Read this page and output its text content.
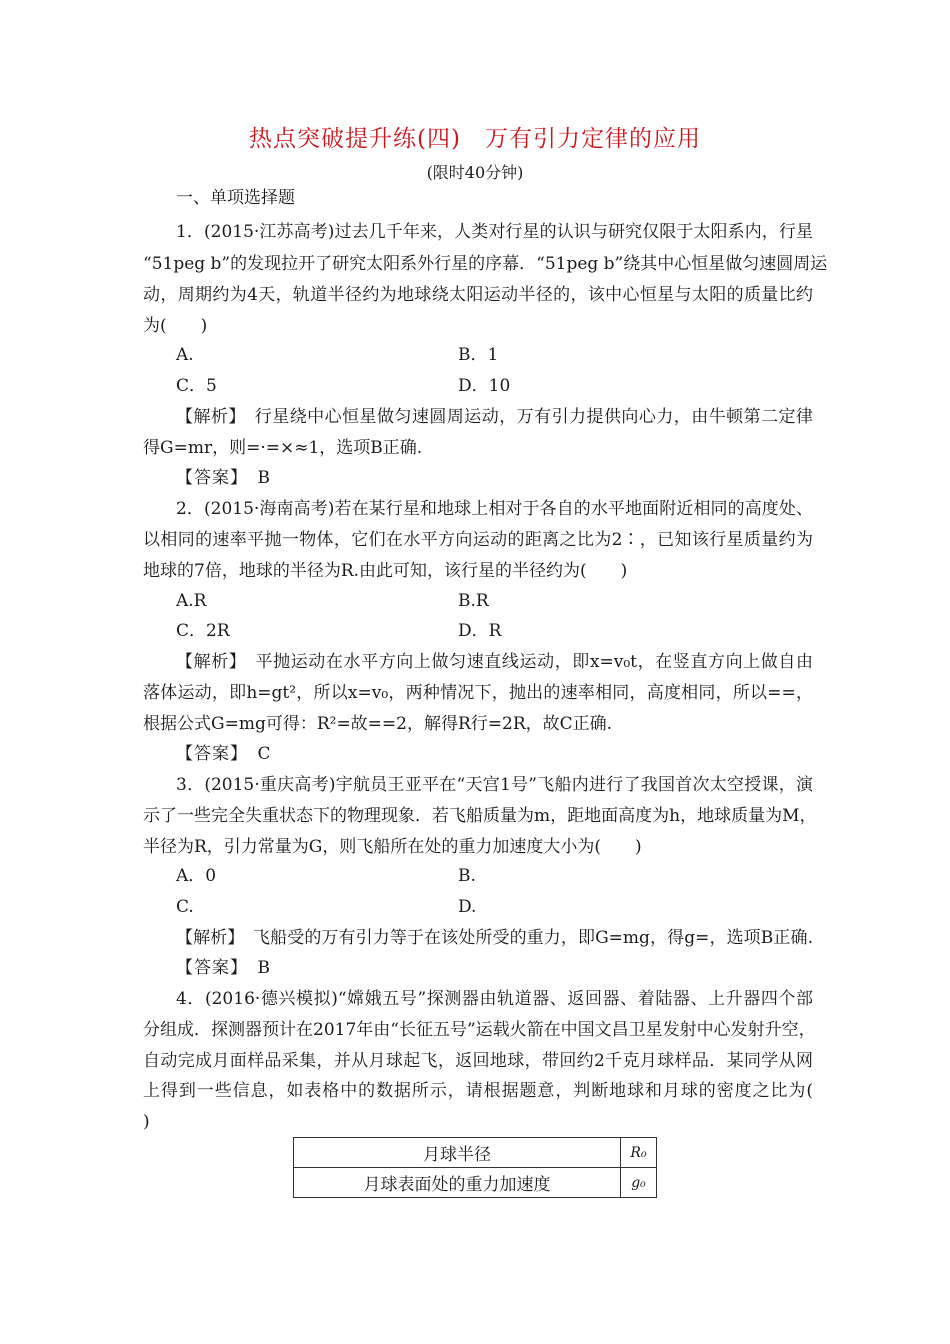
热点突破提升练(四)　万有引力定律的应用
(限时40分钟)
一、单项选择题
1．(2015·江苏高考)过去几千年来，人类对行星的认识与研究仅限于太阳系内，行星
“51peg b”的发现拉开了研究太阳系外行星的序幕．“51peg b”绕其中心恒星做匀速圆周运
动，周期约为4天，轨道半径约为地球绕太阳运动半径的，该中心恒星与太阳的质量比约
为(　　)
A.	B．1
C．5	D．10
【解析】　行星绕中心恒星做匀速圆周运动，万有引力提供向心力，由牛顿第二定律
得G=mr，则=·=×≈1，选项B正确.
【答案】　B
2．(2015·海南高考)若在某行星和地球上相对于各自的水平地面附近相同的高度处、
以相同的速率平抛一物体，它们在水平方向运动的距离之比为2∶，已知该行星质量约为
地球的7倍，地球的半径为R.由此可知，该行星的半径约为(　　)
A.R	B.R
C．2R	D．R
【解析】　平抛运动在水平方向上做匀速直线运动，即x=v₀t，在竖直方向上做自由
落体运动，即h=gt²，所以x=v₀，两种情况下，抛出的速率相同，高度相同，所以==，
根据公式G=mg可得：R²=故==2，解得R行=2R，故C正确.
【答案】　C
3．(2015·重庆高考)宇航员王亚平在“天宫1号”飞船内进行了我国首次太空授课，演
示了一些完全失重状态下的物理现象．若飞船质量为m，距地面高度为h，地球质量为M，
半径为R，引力常量为G，则飞船所在处的重力加速度大小为(　　)
A．0	B.
C.	D.
【解析】　飞船受的万有引力等于在该处所受的重力，即G=mg，得g=，选项B正确.
【答案】　B
4．(2016·德兴模拟)“嫦娥五号”探测器由轨道器、返回器、着陆器、上升器四个部
分组成．探测器预计在2017年由“长征五号”运载火箭在中国文昌卫星发射中心发射升空，
自动完成月面样品采集，并从月球起飞，返回地球，带回约2千克月球样品．某同学从网
上得到一些信息，如表格中的数据所示，请根据题意，判断地球和月球的密度之比为(
)
月球半径	R₀
月球表面处的重力加速度	g₀
